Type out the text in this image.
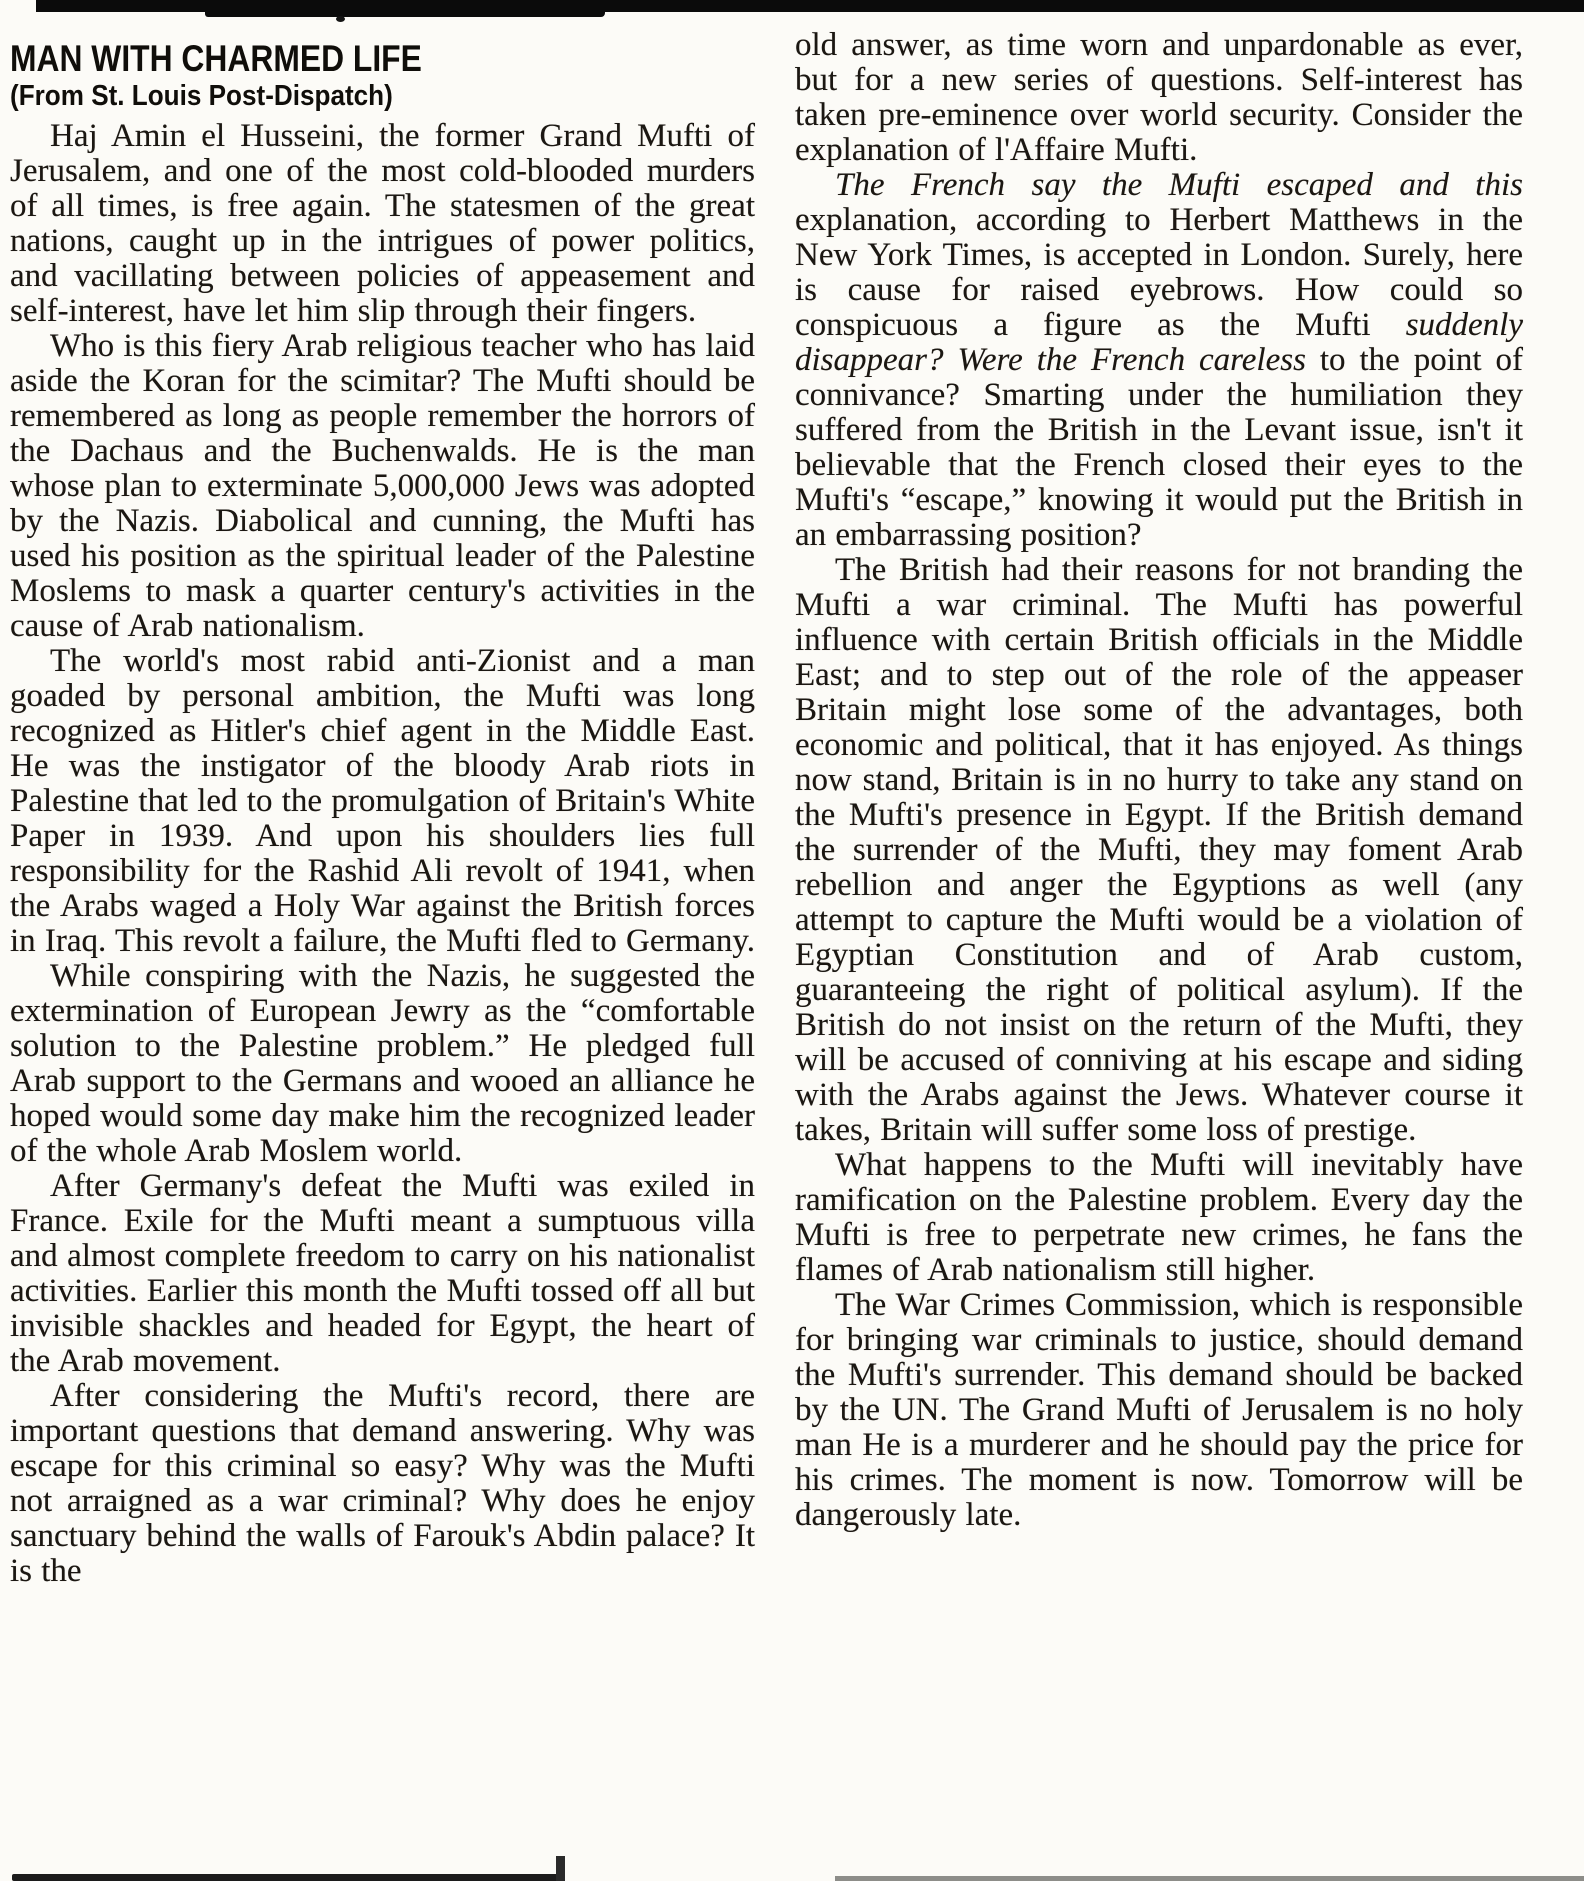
MAN WITH CHARMED LIFE
(From St. Louis Post-Dispatch)

Haj Amin el Husseini, the former Grand Mufti of Jerusalem, and one of the most cold-blooded murders of all times, is free again. The statesmen of the great nations, caught up in the intrigues of power politics, and vacillating between policies of appeasement and self-interest, have let him slip through their fingers.

Who is this fiery Arab religious teacher who has laid aside the Koran for the scimitar? The Mufti should be remembered as long as people remember the horrors of the Dachaus and the Buchenwalds. He is the man whose plan to exterminate 5,000,000 Jews was adopted by the Nazis. Diabolical and cunning, the Mufti has used his position as the spiritual leader of the Palestine Moslems to mask a quarter century's activities in the cause of Arab nationalism.

The world's most rabid anti-Zionist and a man goaded by personal ambition, the Mufti was long recognized as Hitler's chief agent in the Middle East. He was the instigator of the bloody Arab riots in Palestine that led to the promulgation of Britain's White Paper in 1939. And upon his shoulders lies full responsibility for the Rashid Ali revolt of 1941, when the Arabs waged a Holy War against the British forces in Iraq. This revolt a failure, the Mufti fled to Germany.

While conspiring with the Nazis, he suggested the extermination of European Jewry as the “comfortable solution to the Palestine problem.” He pledged full Arab support to the Germans and wooed an alliance he hoped would some day make him the recognized leader of the whole Arab Moslem world.

After Germany's defeat the Mufti was exiled in France. Exile for the Mufti meant a sumptuous villa and almost complete freedom to carry on his nationalist activities. Earlier this month the Mufti tossed off all but invisible shackles and headed for Egypt, the heart of the Arab movement.

After considering the Mufti's record, there are important questions that demand answering. Why was escape for this criminal so easy? Why was the Mufti not arraigned as a war criminal? Why does he enjoy sanctuary behind the walls of Farouk's Abdin palace? It is the

old answer, as time worn and unpardonable as ever, but for a new series of questions. Self-interest has taken pre-eminence over world security. Consider the explanation of l'Affaire Mufti.

The French say the Mufti escaped and this explanation, according to Herbert Matthews in the New York Times, is accepted in London. Surely, here is cause for raised eyebrows. How could so conspicuous a figure as the Mufti suddenly disappear? Were the French careless to the point of connivance? Smarting under the humiliation they suffered from the British in the Levant issue, isn't it believable that the French closed their eyes to the Mufti's “escape,” knowing it would put the British in an embarrassing position?

The British had their reasons for not branding the Mufti a war criminal. The Mufti has powerful influence with certain British officials in the Middle East; and to step out of the role of the appeaser Britain might lose some of the advantages, both economic and political, that it has enjoyed. As things now stand, Britain is in no hurry to take any stand on the Mufti's presence in Egypt. If the British demand the surrender of the Mufti, they may foment Arab rebellion and anger the Egyptions as well (any attempt to capture the Mufti would be a violation of Egyptian Constitution and of Arab custom, guaranteeing the right of political asylum). If the British do not insist on the return of the Mufti, they will be accused of conniving at his escape and siding with the Arabs against the Jews. Whatever course it takes, Britain will suffer some loss of prestige.

What happens to the Mufti will inevitably have ramification on the Palestine problem. Every day the Mufti is free to perpetrate new crimes, he fans the flames of Arab nationalism still higher.

The War Crimes Commission, which is responsible for bringing war criminals to justice, should demand the Mufti's surrender. This demand should be backed by the UN. The Grand Mufti of Jerusalem is no holy man He is a murderer and he should pay the price for his crimes. The moment is now. Tomorrow will be dangerously late.
